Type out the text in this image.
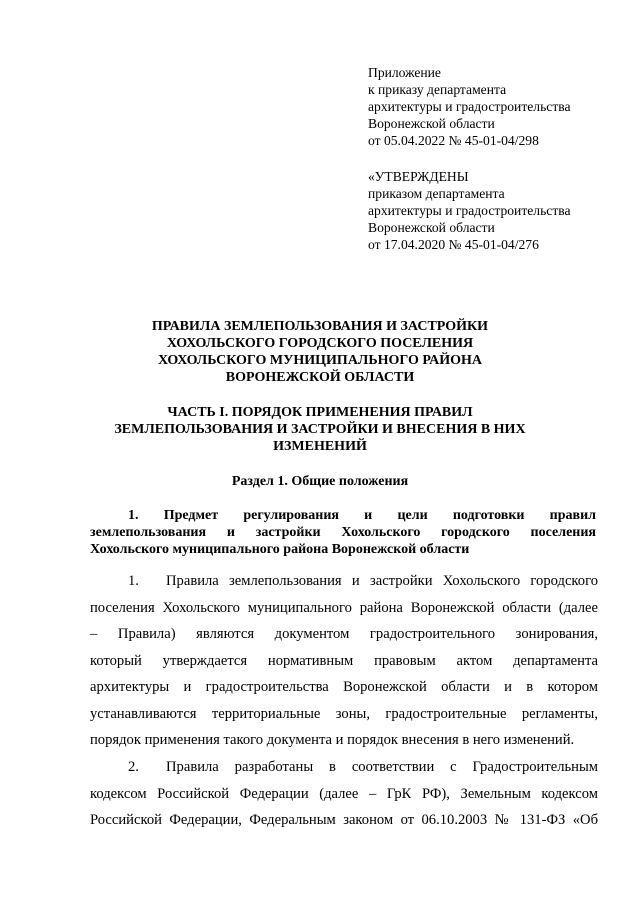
Приложение
к приказу департамента
архитектуры и градостроительства
Воронежской области
от 05.04.2022 № 45-01-04/298
«УТВЕРЖДЕНЫ
приказом департамента
архитектуры и градостроительства
Воронежской области
от 17.04.2020 № 45-01-04/276
ПРАВИЛА ЗЕМЛЕПОЛЬЗОВАНИЯ И ЗАСТРОЙКИ
ХОХОЛЬСКОГО ГОРОДСКОГО ПОСЕЛЕНИЯ
ХОХОЛЬСКОГО МУНИЦИПАЛЬНОГО РАЙОНА
ВОРОНЕЖСКОЙ ОБЛАСТИ
ЧАСТЬ I. ПОРЯДОК ПРИМЕНЕНИЯ ПРАВИЛ
ЗЕМЛЕПОЛЬЗОВАНИЯ И ЗАСТРОЙКИ И ВНЕСЕНИЯ В НИХ
ИЗМЕНЕНИЙ
Раздел 1. Общие положения
1. Предмет регулирования и цели подготовки правил
землепользования и застройки Хохольского городского поселения
Хохольского муниципального района Воронежской области
1. Правила землепользования и застройки Хохольского городского
поселения Хохольского муниципального района Воронежской области (далее
– Правила) являются документом градостроительного зонирования,
который утверждается нормативным правовым актом департамента
архитектуры и градостроительства Воронежской области и в котором
устанавливаются территориальные зоны, градостроительные регламенты,
порядок применения такого документа и порядок внесения в него изменений.
2. Правила разработаны в соответствии с Градостроительным
кодексом Российской Федерации (далее – ГрК РФ), Земельным кодексом
Российской Федерации, Федеральным законом от 06.10.2003 № 131-ФЗ «Об
